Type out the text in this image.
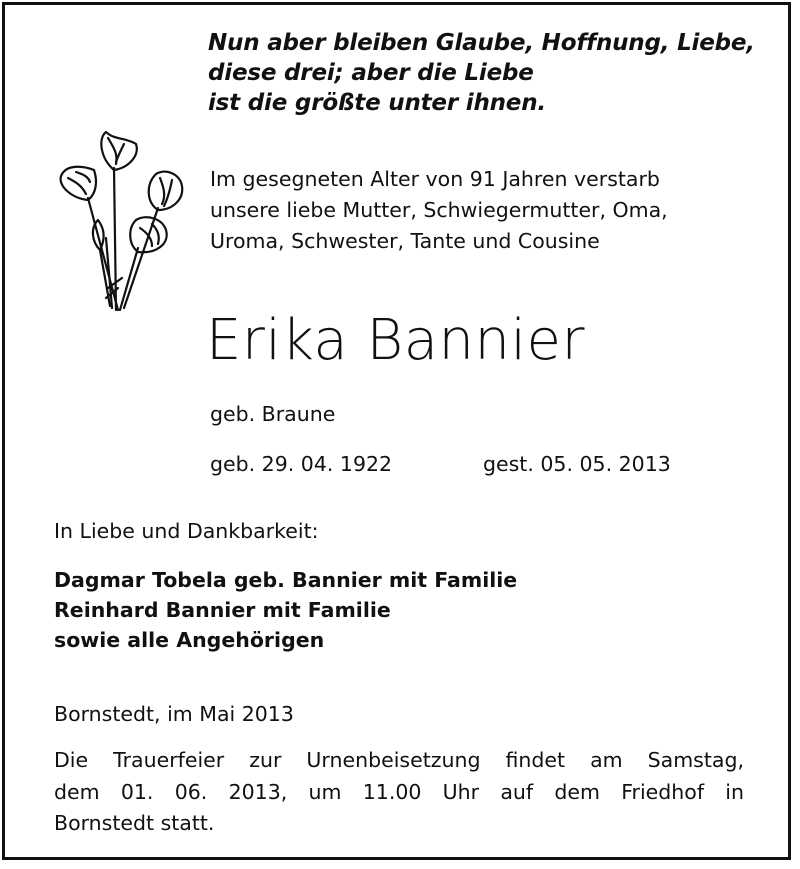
Nun aber bleiben Glaube, Hoffnung, Liebe,
diese drei; aber die Liebe
ist die größte unter ihnen.
Im gesegneten Alter von 91 Jahren verstarb
unsere liebe Mutter, Schwiegermutter, Oma,
Uroma, Schwester, Tante und Cousine
Erika Bannier
geb. Braune
geb. 29. 04. 1922	gest. 05. 05. 2013
In Liebe und Dankbarkeit:
Dagmar Tobela geb. Bannier mit Familie
Reinhard Bannier mit Familie
sowie alle Angehörigen
Bornstedt, im Mai 2013
Die Trauerfeier zur Urnenbeisetzung findet am Samstag,
dem 01. 06. 2013, um 11.00 Uhr auf dem Friedhof in
Bornstedt statt.
